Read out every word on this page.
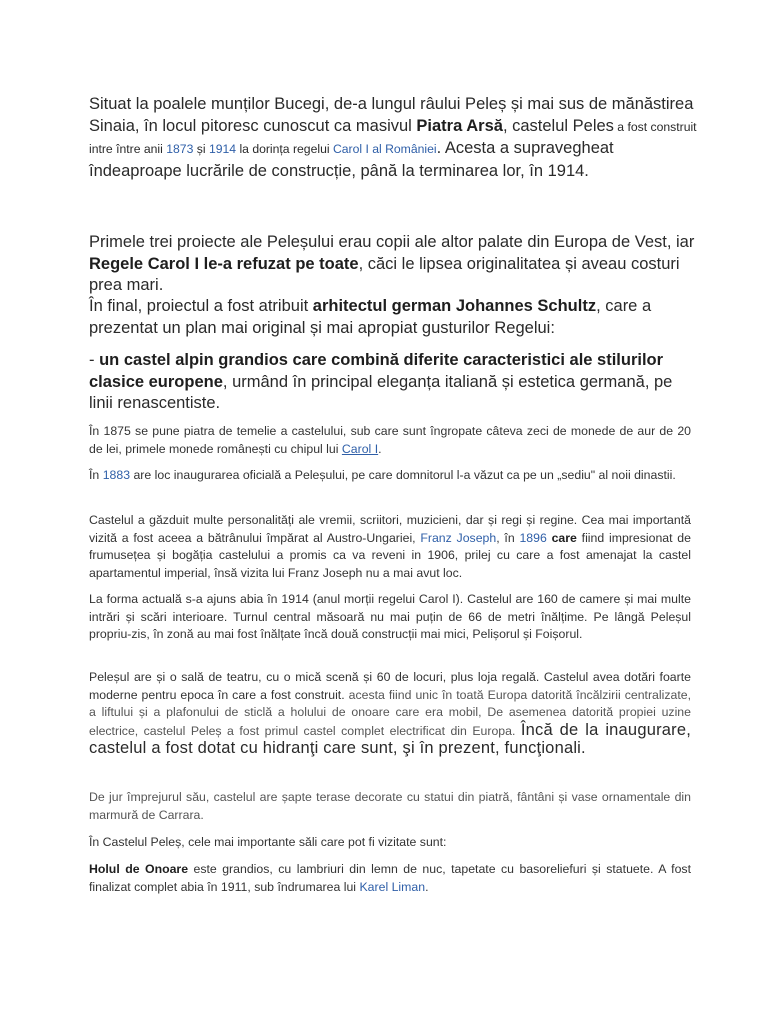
Situat la poalele munților Bucegi, de-a lungul râului Peleș și mai sus de mănăstirea Sinaia, în locul pitoresc cunoscut ca masivul Piatra Arsă, castelul Peles a fost construit intre între anii 1873 și 1914 la dorința regelui Carol I al României. Acesta a supravegheat îndeaproape lucrările de construcție, până la terminarea lor, în 1914.

Primele trei proiecte ale Peleșului erau copii ale altor palate din Europa de Vest, iar Regele Carol I le-a refuzat pe toate, căci le lipsea originalitatea și aveau costuri prea mari.

În final, proiectul a fost atribuit arhitectul german Johannes Schultz, care a prezentat un plan mai original și mai apropiat gusturilor Regelui:

- un castel alpin grandios care combină diferite caracteristici ale stilurilor clasice europene, urmând în principal eleganța italiană și estetica germană, pe linii renascentiste.

În 1875 se pune piatra de temelie a castelului, sub care sunt îngropate câteva zeci de monede de aur de 20 de lei, primele monede românești cu chipul lui Carol I.

În 1883 are loc inaugurarea oficială a Peleșului, pe care domnitorul l-a văzut ca pe un „sediu" al noii dinastii.

Castelul a găzduit multe personalități ale vremii, scriitori, muzicieni, dar și regi și regine. Cea mai importantă vizită a fost aceea a bătrânului împărat al Austro-Ungariei, Franz Joseph, în 1896 care fiind impresionat de frumusețea și bogăția castelului a promis ca va reveni in 1906, prilej cu care a fost amenajat la castel apartamentul imperial, însă vizita lui Franz Joseph nu a mai avut loc.

La forma actuală s-a ajuns abia în 1914 (anul morții regelui Carol I). Castelul are 160 de camere și mai multe intrări și scări interioare. Turnul central măsoară nu mai puțin de 66 de metri înălțime. Pe lângă Peleșul propriu-zis, în zonă au mai fost înălțate încă două construcții mai mici, Pelișorul și Foișorul.

Peleșul are și o sală de teatru, cu o mică scenă și 60 de locuri, plus loja regală. Castelul avea dotări foarte moderne pentru epoca în care a fost construit. acesta fiind unic în toată Europa datorită încălzirii centralizate, a liftului și a plafonului de sticlă a holului de onoare care era mobil, De asemenea datorită propiei uzine electrice, castelul Peleș a fost primul castel complet electrificat din Europa. Încă de la inaugurare, castelul a fost dotat cu hidranţi care sunt, şi în prezent, funcţionali.

De jur împrejurul său, castelul are șapte terase decorate cu statui din piatră, fântâni și vase ornamentale din marmură de Carrara.

În Castelul Peleș, cele mai importante săli care pot fi vizitate sunt:

Holul de Onoare este grandios, cu lambriuri din lemn de nuc, tapetate cu basoreliefuri și statuete. A fost finalizat complet abia în 1911, sub îndrumarea lui Karel Liman.
